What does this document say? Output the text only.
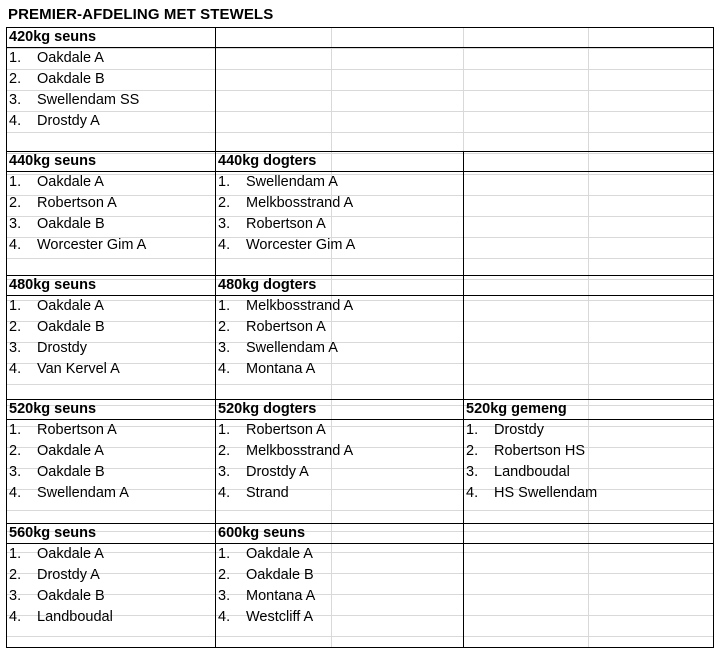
PREMIER-AFDELING MET STEWELS
420kg seuns
1. Oakdale A
2. Oakdale B
3. Swellendam SS
4. Drostdy A
440kg seuns
1. Oakdale A
2. Robertson A
3. Oakdale B
4. Worcester Gim A
440kg dogters
1. Swellendam A
2. Melkbosstrand A
3. Robertson A
4. Worcester Gim A
480kg seuns
1. Oakdale A
2. Oakdale B
3. Drostdy
4. Van Kervel A
480kg dogters
1. Melkbosstrand A
2. Robertson A
3. Swellendam A
4. Montana A
520kg seuns
1. Robertson A
2. Oakdale A
3. Oakdale B
4. Swellendam A
520kg dogters
1. Robertson A
2. Melkbosstrand A
3. Drostdy A
4. Strand
520kg gemeng
1. Drostdy
2. Robertson HS
3. Landboudal
4. HS Swellendam
560kg seuns
1. Oakdale A
2. Drostdy A
3. Oakdale B
4. Landboudal
600kg seuns
1. Oakdale A
2. Oakdale B
3. Montana A
4. Westcliff A
